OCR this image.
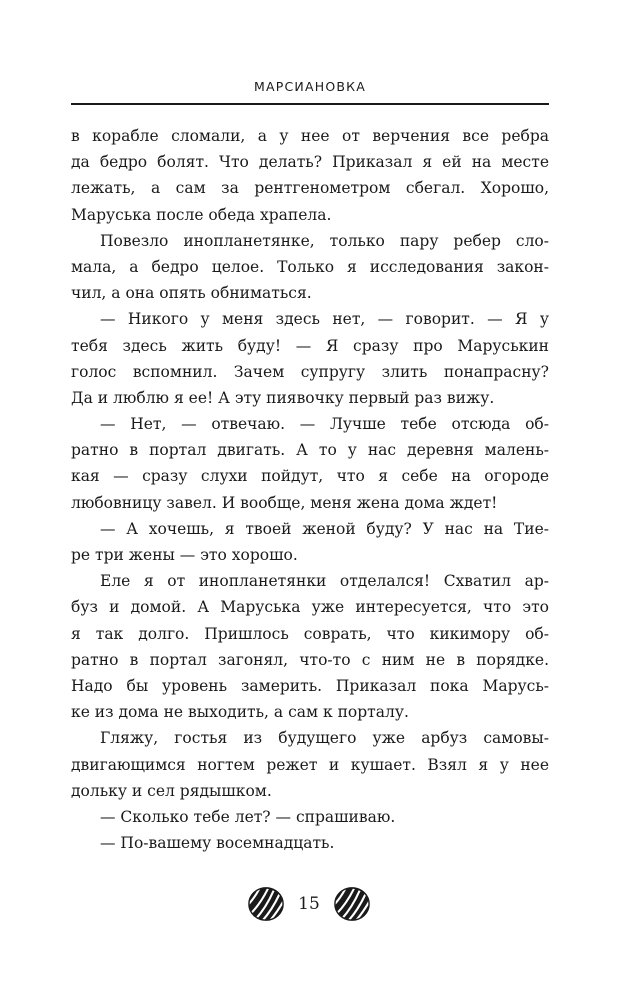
МАРСИАНОВКА
в корабле сломали, а у нее от верчения все ребра
да бедро болят. Что делать? Приказал я ей на месте
лежать, а сам за рентгенометром сбегал. Хорошо,
Маруська после обеда храпела.
Повезло инопланетянке, только пару ребер сло-
мала, а бедро целое. Только я исследования закон-
чил, а она опять обниматься.
— Никого у меня здесь нет, — говорит. — Я у
тебя здесь жить буду! — Я сразу про Маруськин
голос вспомнил. Зачем супругу злить понапрасну?
Да и люблю я ее! А эту пиявочку первый раз вижу.
— Нет, — отвечаю. — Лучше тебе отсюда об-
ратно в портал двигать. А то у нас деревня малень-
кая — сразу слухи пойдут, что я себе на огороде
любовницу завел. И вообще, меня жена дома ждет!
— А хочешь, я твоей женой буду? У нас на Тие-
ре три жены — это хорошо.
Еле я от инопланетянки отделался! Схватил ар-
буз и домой. А Маруська уже интересуется, что это
я так долго. Пришлось соврать, что кикимору об-
ратно в портал загонял, что-то с ним не в порядке.
Надо бы уровень замерить. Приказал пока Марусь-
ке из дома не выходить, а сам к порталу.
Гляжу, гостья из будущего уже арбуз самовы-
двигающимся ногтем режет и кушает. Взял я у нее
дольку и сел рядышком.
— Сколько тебе лет? — спрашиваю.
— По-вашему восемнадцать.
15
